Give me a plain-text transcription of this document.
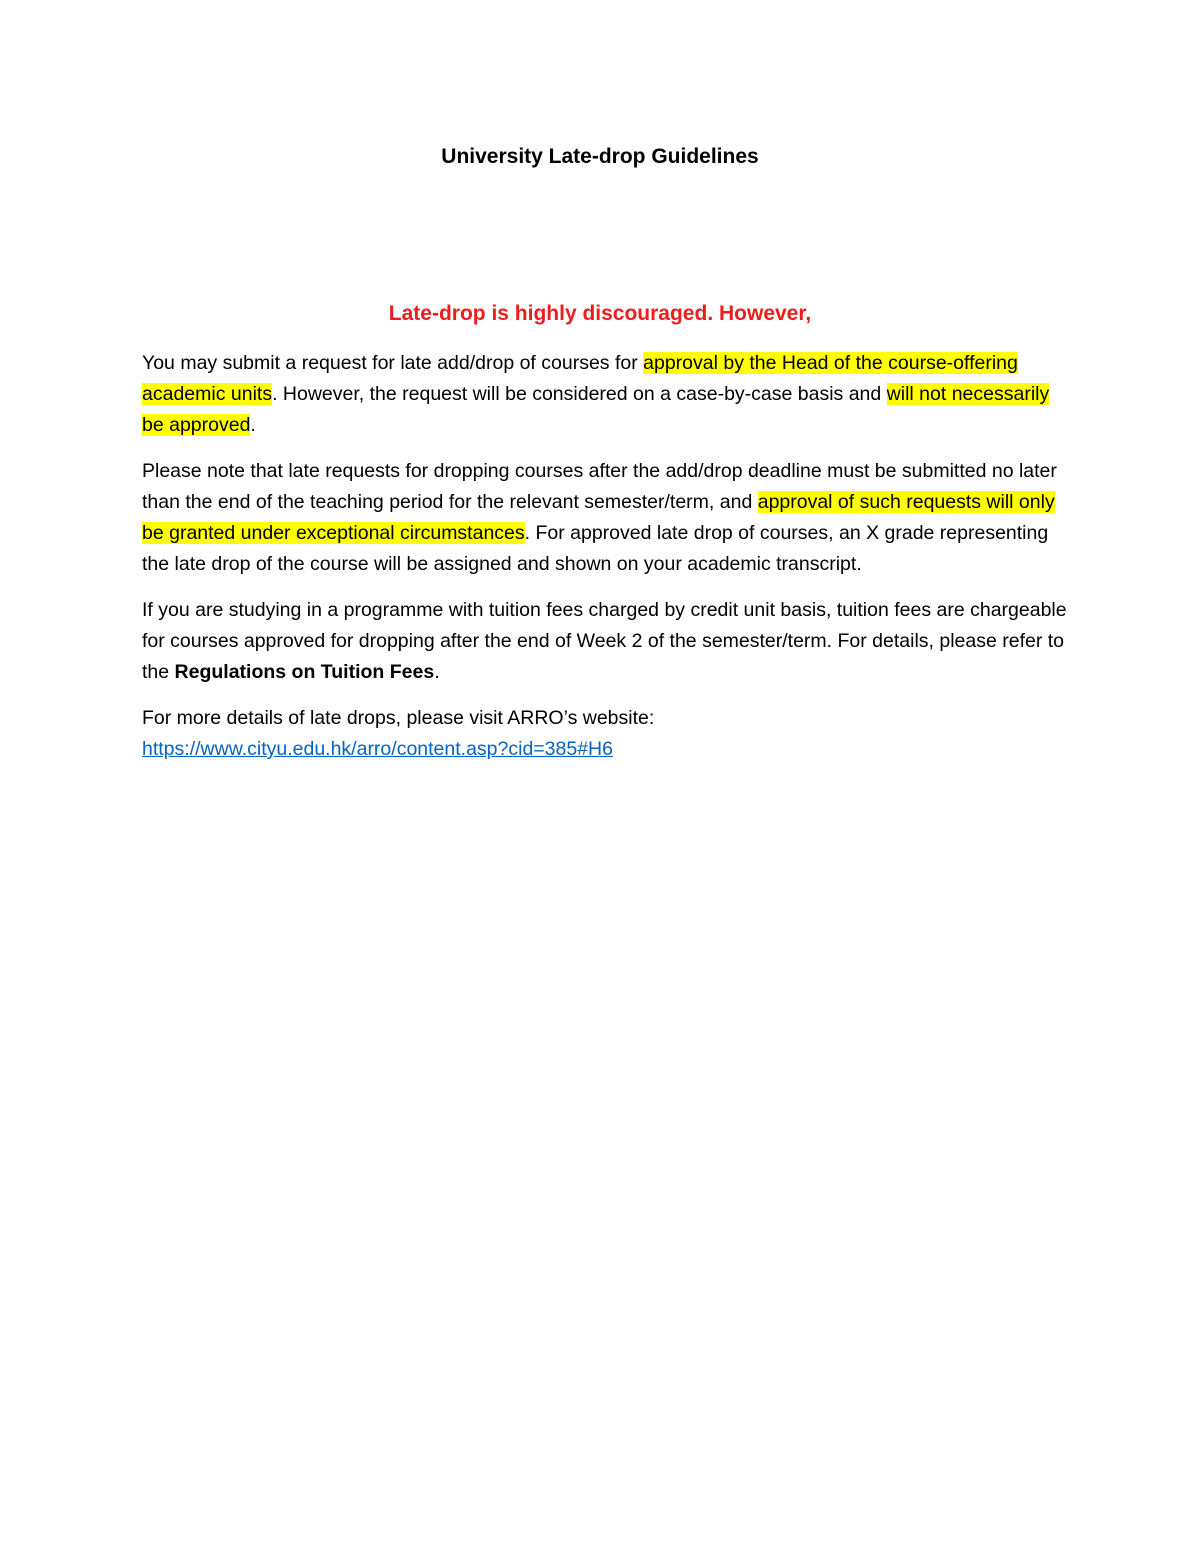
University Late-drop Guidelines
Late-drop is highly discouraged. However,

You may submit a request for late add/drop of courses for approval by the Head of the course-offering academic units. However, the request will be considered on a case-by-case basis and will not necessarily be approved.

Please note that late requests for dropping courses after the add/drop deadline must be submitted no later than the end of the teaching period for the relevant semester/term, and approval of such requests will only be granted under exceptional circumstances. For approved late drop of courses, an X grade representing the late drop of the course will be assigned and shown on your academic transcript.

If you are studying in a programme with tuition fees charged by credit unit basis, tuition fees are chargeable for courses approved for dropping after the end of Week 2 of the semester/term. For details, please refer to the Regulations on Tuition Fees.

For more details of late drops, please visit ARRO’s website:
https://www.cityu.edu.hk/arro/content.asp?cid=385#H6
